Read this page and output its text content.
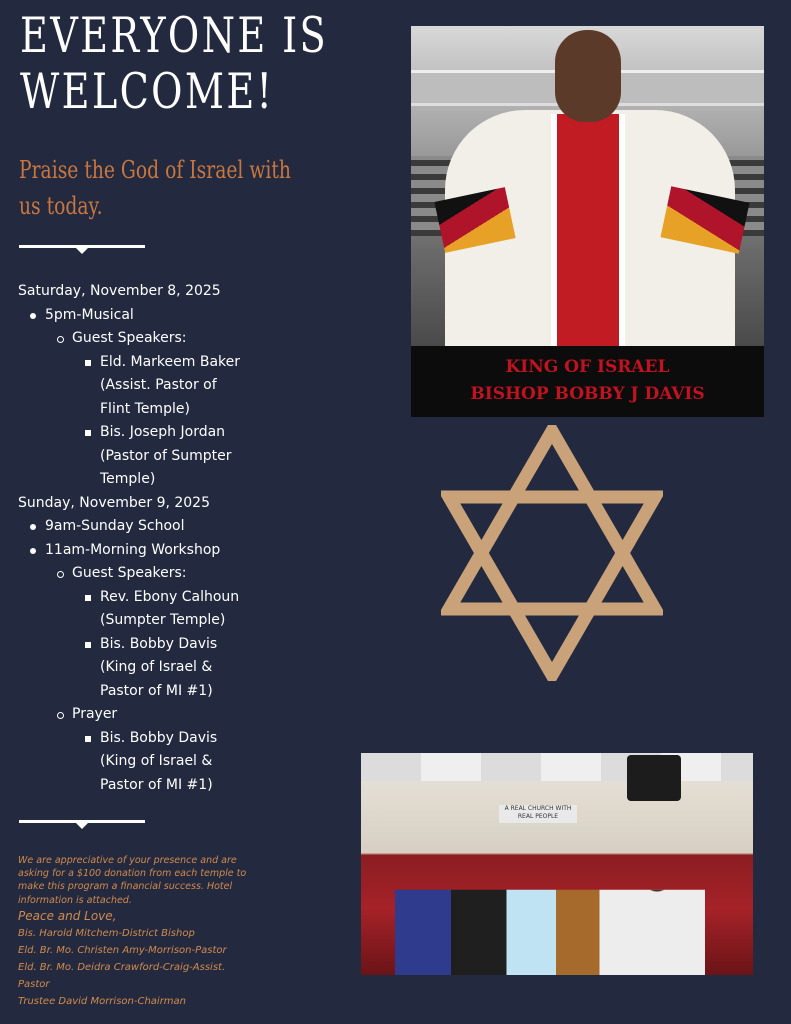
EVERYONE IS
WELCOME!

Praise the God of Israel with us today.

Saturday, November 8, 2025
5pm-Musical
Guest Speakers:
Eld. Markeem Baker
(Assist. Pastor of Flint Temple)
Bis. Joseph Jordan
(Pastor of Sumpter Temple)
Sunday, November 9, 2025
9am-Sunday School
11am-Morning Workshop
Guest Speakers:
Rev. Ebony Calhoun
(Sumpter Temple)
Bis. Bobby Davis
(King of Israel & Pastor of MI #1)
Prayer
Bis. Bobby Davis
(King of Israel & Pastor of MI #1)
We are appreciative of your presence and are asking for a $100 donation from each temple to make this program a financial success. Hotel information is attached.
Peace and Love,
Bis. Harold Mitchem-District Bishop
Eld. Br. Mo. Christen Amy-Morrison-Pastor
Eld. Br. Mo. Deidra Crawford-Craig-Assist. Pastor
Trustee David Morrison-Chairman
KING OF ISRAEL
BISHOP BOBBY J DAVIS
A REAL CHURCH WITH REAL PEOPLE
